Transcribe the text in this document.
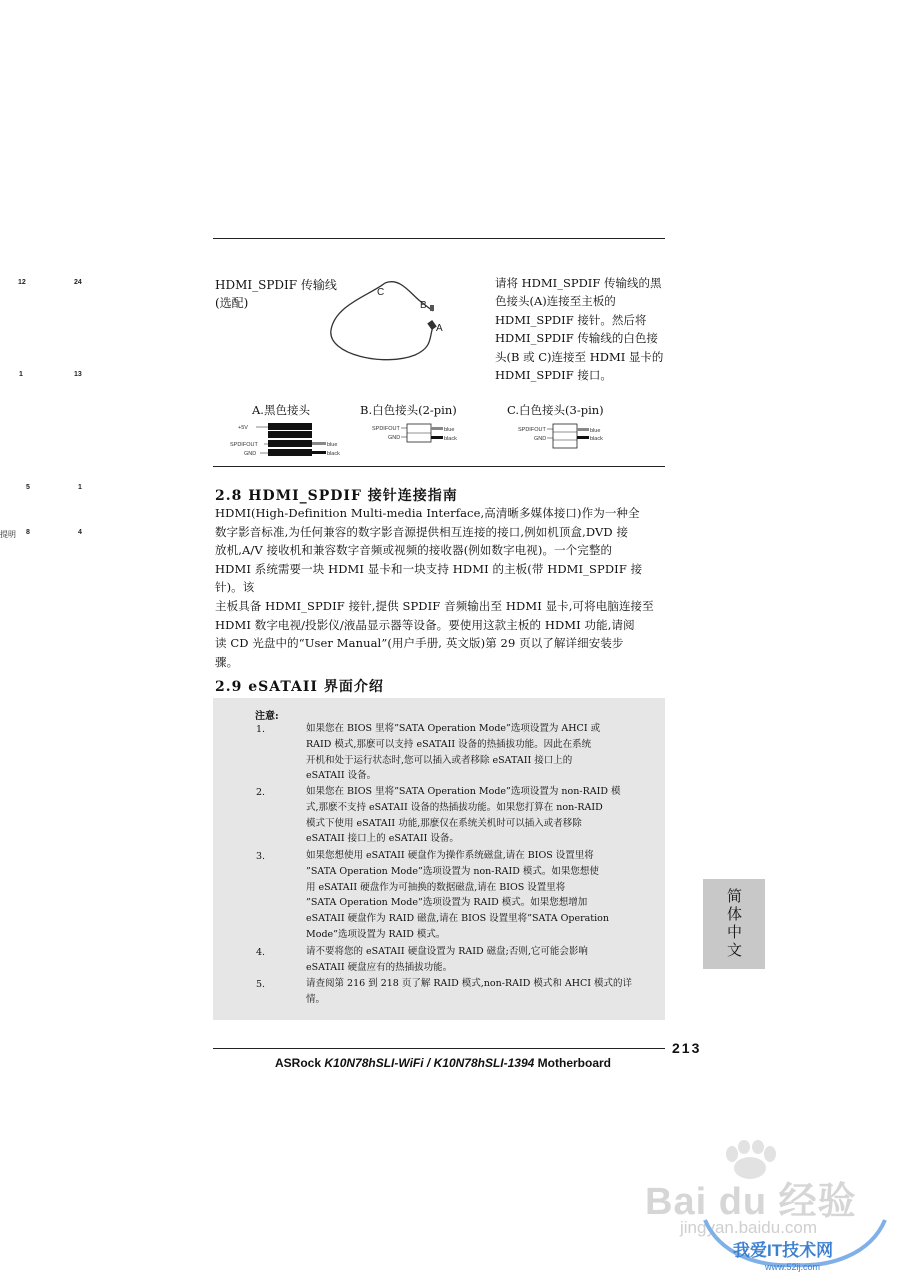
12	24
1	13
5	1
提明 8	4
HDMI_SPDIF 传输线
(选配)
C
B
A
请将 HDMI_SPDIF 传输线的黑
色接头(A)连接至主板的
HDMI_SPDIF 接针。然后将
HDMI_SPDIF 传输线的白色接
头(B 或 C)连接至 HDMI 显卡的
HDMI_SPDIF 接口。
A.黑色接头	B.白色接头(2-pin)	C.白色接头(3-pin)
+5V
SPDIFOUT
GND
blue
black
SPDIFOUT
GND
blue
black
SPDIFOUT
GND
blue
black
2.8 HDMI_SPDIF 接针连接指南

HDMI(High-Definition Multi-media Interface,高清晰多媒体接口)作为一种全

数字影音标准,为任何兼容的数字影音源提供相互连接的接口,例如机顶盒,DVD 接

放机,A/V 接收机和兼容数字音频或视频的接收器(例如数字电视)。一个完整的

HDMI 系统需要一块 HDMI 显卡和一块支持 HDMI 的主板(带 HDMI_SPDIF 接针)。该

主板具备 HDMI_SPDIF 接针,提供 SPDIF 音频输出至 HDMI 显卡,可将电脑连接至

HDMI 数字电视/投影仪/液晶显示器等设备。要使用这款主板的 HDMI 功能,请阅

读 CD 光盘中的“User Manual”(用户手册, 英文版)第 29 页以了解详细安装步

骤。

2.9 eSATAII 界面介绍
注意:
1.	如果您在 BIOS 里将”SATA Operation Mode”选项设置为 AHCI 或
RAID 模式,那麽可以支持 eSATAII 设备的热插拔功能。因此在系统
开机和处于运行状态时,您可以插入或者移除 eSATAII 接口上的
eSATAII 设备。
2.	如果您在 BIOS 里将”SATA Operation Mode”选项设置为 non-RAID 模
式,那麽不支持 eSATAII 设备的热插拔功能。如果您打算在 non-RAID
模式下使用 eSATAII 功能,那麽仅在系统关机时可以插入或者移除
eSATAII 接口上的 eSATAII 设备。
3.	如果您想使用 eSATAII 硬盘作为操作系统磁盘,请在 BIOS 设置里将
”SATA Operation Mode”选项设置为 non-RAID 模式。如果您想使
用 eSATAII 硬盘作为可抽换的数据磁盘,请在 BIOS 设置里将
”SATA Operation Mode”选项设置为 RAID 模式。如果您想增加
eSATAII 硬盘作为 RAID 磁盘,请在 BIOS 设置里将”SATA Operation
Mode”选项设置为 RAID 模式。
4.	请不要将您的 eSATAII 硬盘设置为 RAID 磁盘;否则,它可能会影响
eSATAII 硬盘应有的热插拔功能。
5.	请查阅第 216 到 218 页了解 RAID 模式,non-RAID 模式和 AHCI 模式的详
情。
简体中文
213
ASRock K10N78hSLI-WiFi / K10N78hSLI-1394 Motherboard
Bai du 经验
jingyan.baidu.com
我爱IT技术网
www.52ij.com
